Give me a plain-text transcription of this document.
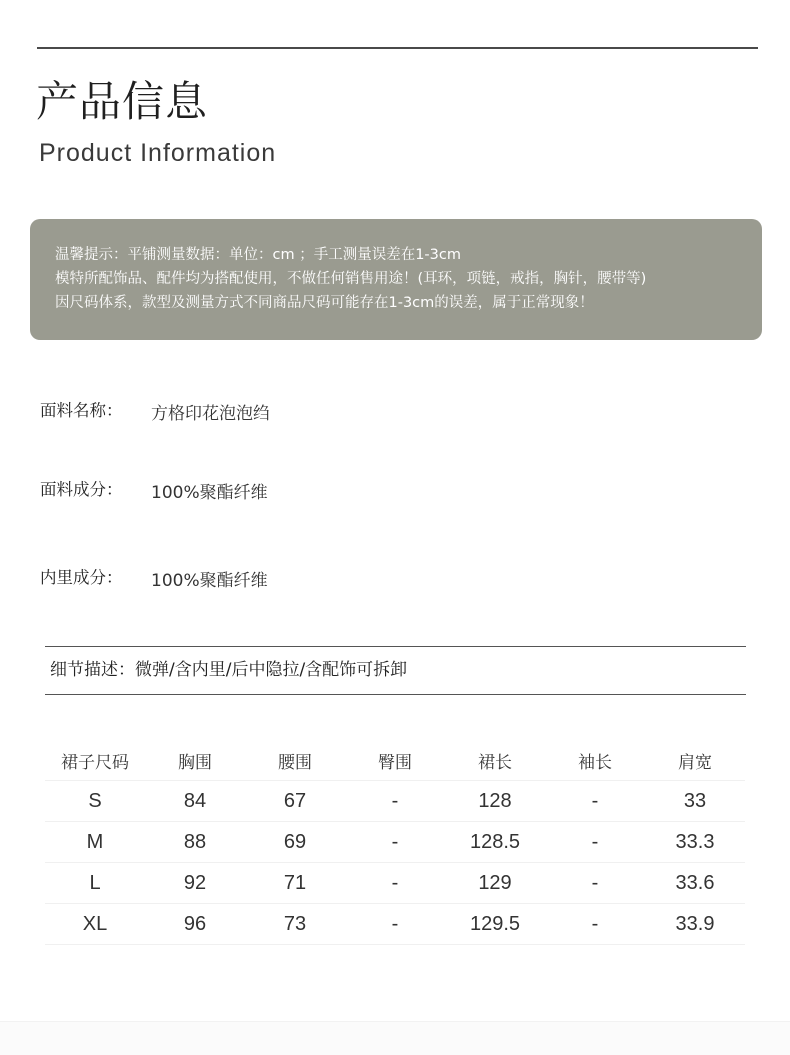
产品信息
Product Information
温馨提示：平铺测量数据：单位：cm ；手工测量误差在1-3cm
模特所配饰品、配件均为搭配使用，不做任何销售用途！(耳环，项链，戒指，胸针，腰带等)
因尺码体系，款型及测量方式不同商品尺码可能存在1-3cm的误差，属于正常现象！
面料名称： 方格印花泡泡绉
面料成分： 100%聚酯纤维
内里成分： 100%聚酯纤维
细节描述：微弹/含内里/后中隐拉/含配饰可拆卸
裙子尺码	胸围	腰围	臀围	裙长	袖长	肩宽
S	84	67	-	128	-	33
M	88	69	-	128.5	-	33.3
L	92	71	-	129	-	33.6
XL	96	73	-	129.5	-	33.9
